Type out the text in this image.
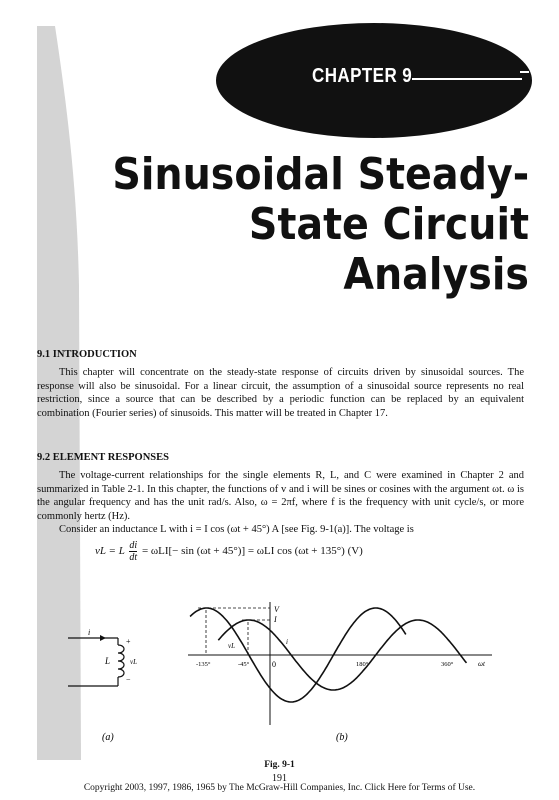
CHAPTER 9
Sinusoidal Steady-
State Circuit Analysis
9.1 INTRODUCTION

This chapter will concentrate on the steady-state response of circuits driven by sinusoidal sources. The response will also be sinusoidal. For a linear circuit, the assumption of a sinusoidal source represents no real restriction, since a source that can be described by a periodic function can be replaced by an equivalent combination (Fourier series) of sinusoids. This matter will be treated in Chapter 17.

9.2 ELEMENT RESPONSES

The voltage-current relationships for the single elements R, L, and C were examined in Chapter 2 and summarized in Table 2-1. In this chapter, the functions of v and i will be sines or cosines with the argument ωt. ω is the angular frequency and has the unit rad/s. Also, ω = 2πf, where f is the frequency with unit cycle/s, or more commonly hertz (Hz).

Consider an inductance L with i = I cos (ωt + 45°) A [see Fig. 9-1(a)]. The voltage is

vL = L $\frac{di}{dt} = \omega LI[- \sin (\omega t + 45^\circ)] = \omega LI$ cos (ωt + 135°) (V)
i
L
+
vL
−
(a)
V
I
vL	i
-135°	-45°	0	180°	360°	ωt
(b)
Fig. 9-1
191
Copyright 2003, 1997, 1986, 1965 by The McGraw-Hill Companies, Inc. Click Here for Terms of Use.
